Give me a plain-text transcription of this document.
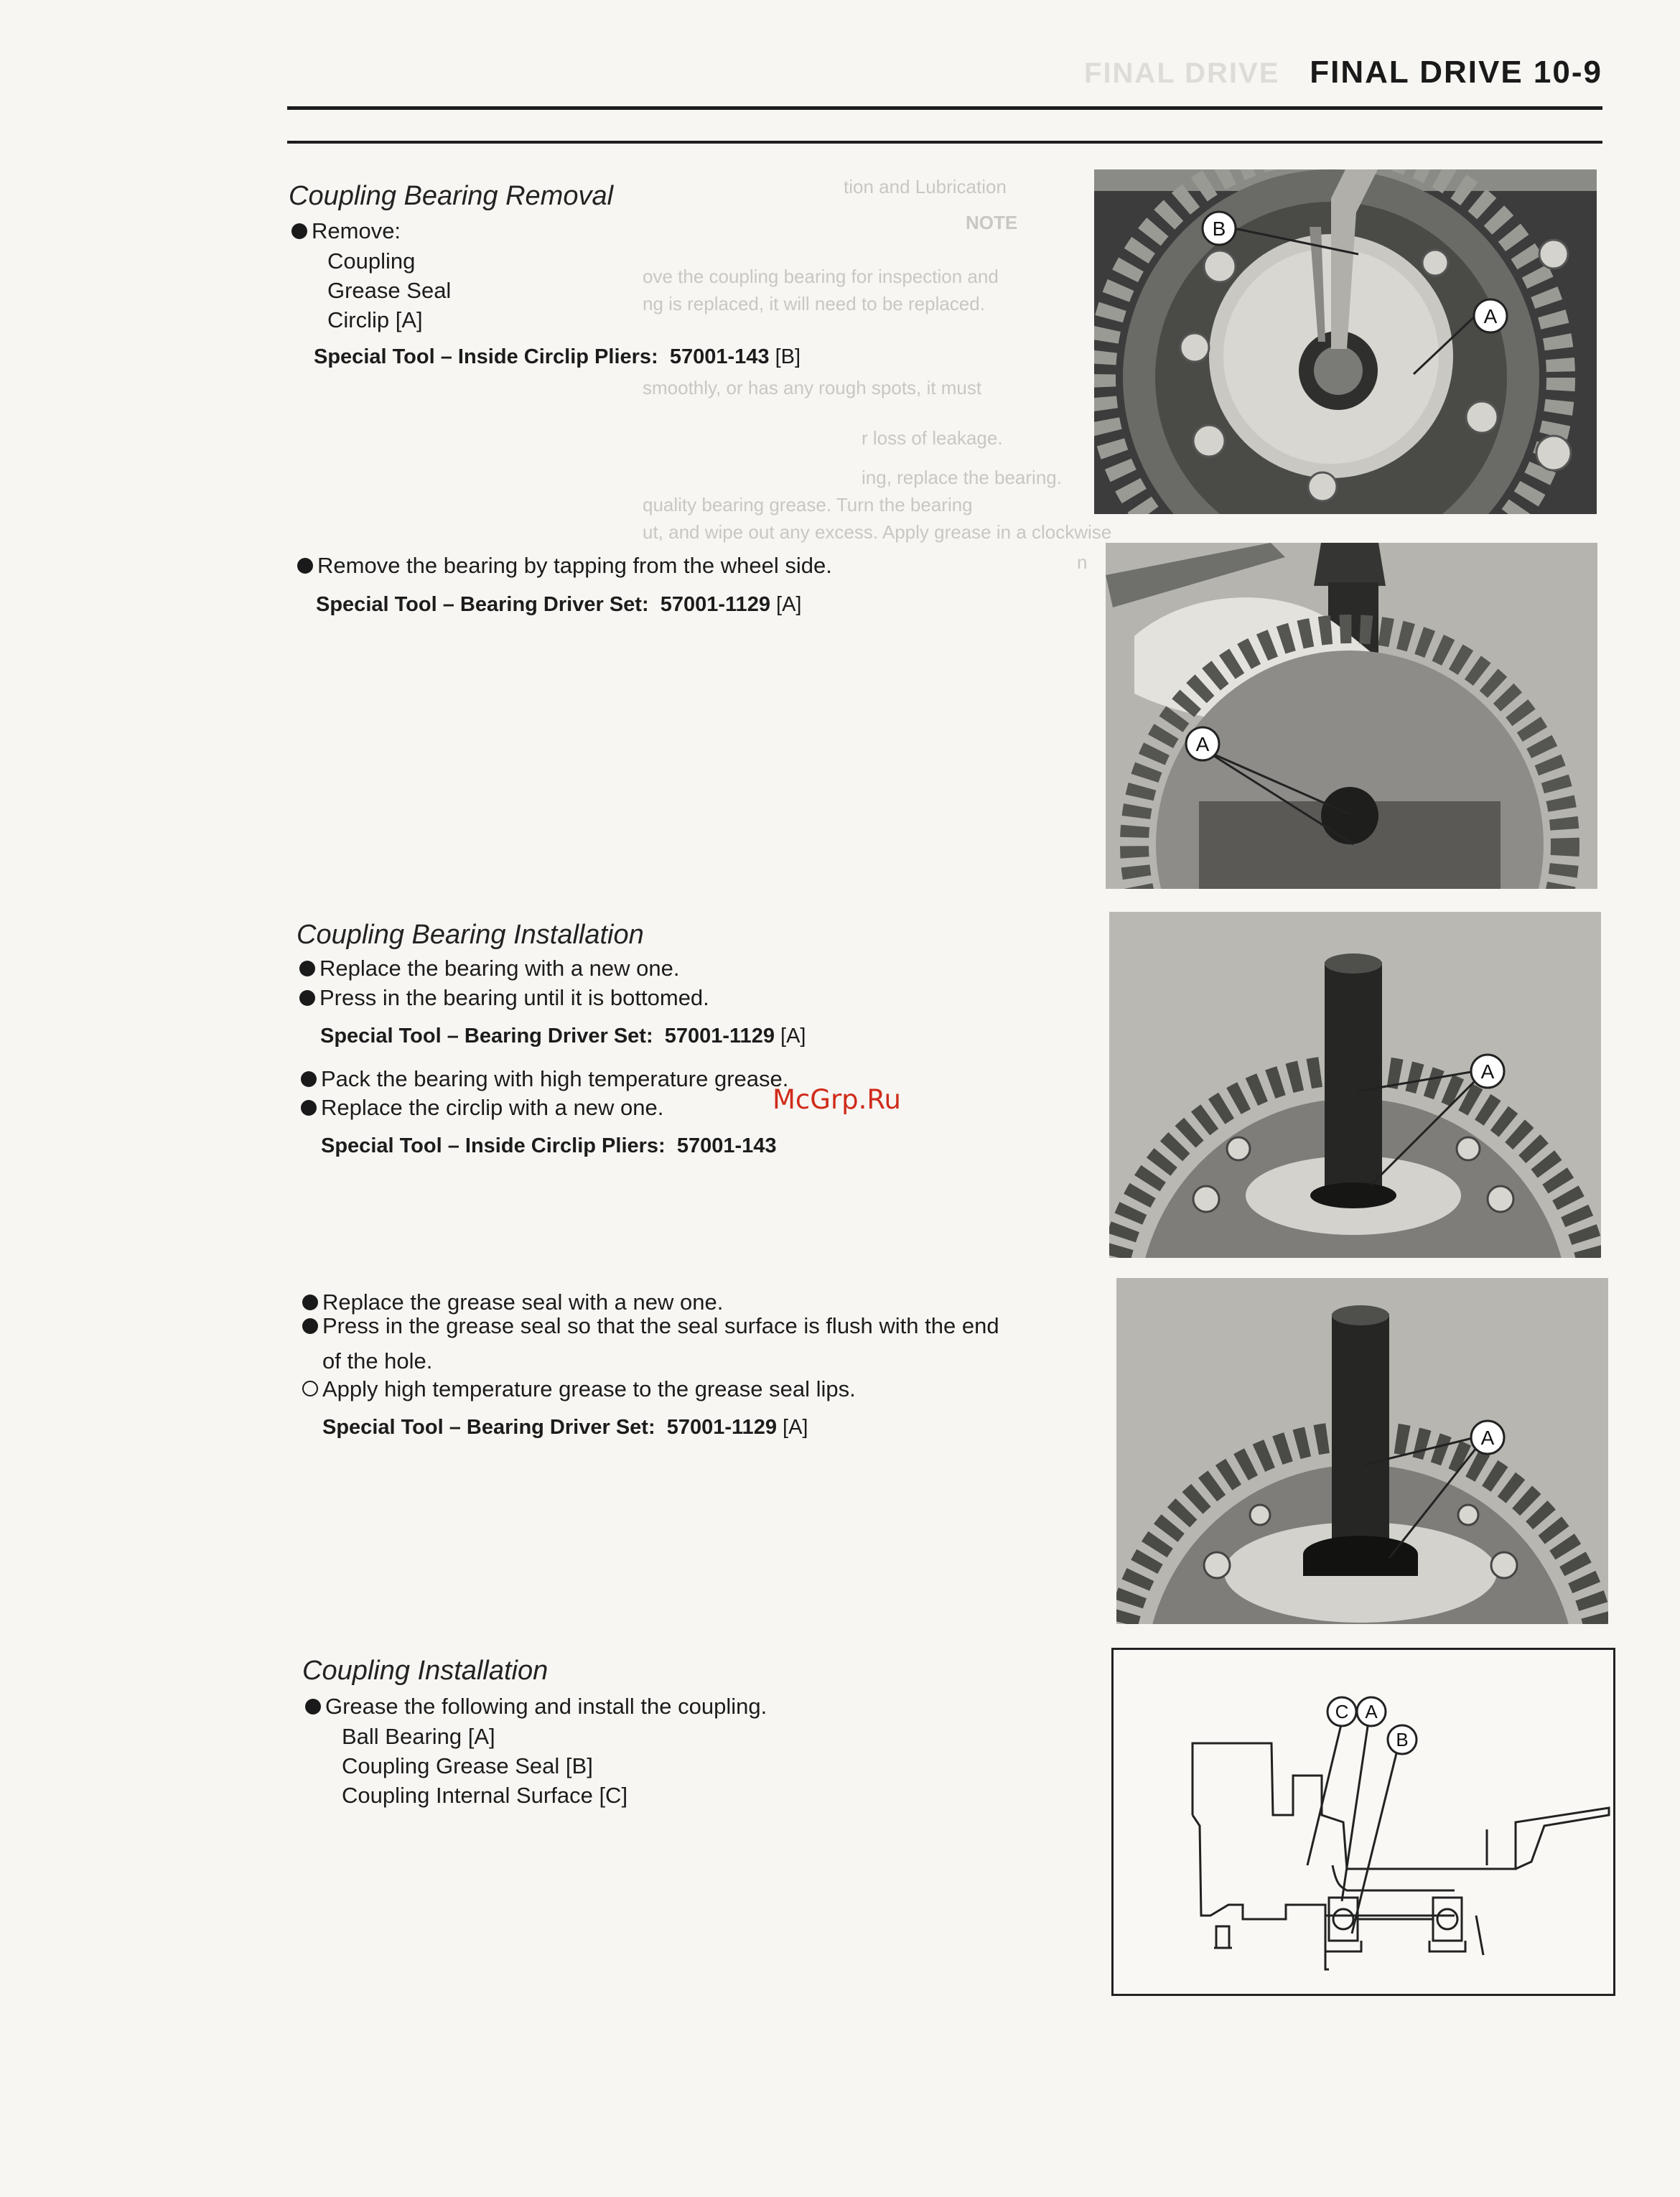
FINAL DRIVE FINAL DRIVE 10-9
tion and Lubrication
NOTE
ove the coupling bearing for inspection and
ng is replaced, it will need to be replaced.
smoothly, or has any rough spots, it must
r loss of leakage.
ing, replace the bearing.
quality bearing grease. Turn the bearing
ut, and wipe out any excess. Apply grease in a clockwise
n
Coupling Bearing Removal
Remove:
Coupling
Grease Seal
Circlip [A]
Special Tool – Inside Circlip Pliers: 57001-143 [B]
Remove the bearing by tapping from the wheel side.
Special Tool – Bearing Driver Set: 57001-1129 [A]
Coupling Bearing Installation
Replace the bearing with a new one.
Press in the bearing until it is bottomed.
Special Tool – Bearing Driver Set: 57001-1129 [A]
Pack the bearing with high temperature grease.
Replace the circlip with a new one.	McGrp.Ru
Special Tool – Inside Circlip Pliers: 57001-143
Replace the grease seal with a new one.
Press in the grease seal so that the seal surface is flush with the end
of the hole.
Apply high temperature grease to the grease seal lips.
Special Tool – Bearing Driver Set: 57001-1129 [A]
Coupling Installation
Grease the following and install the coupling.
Ball Bearing [A]
Coupling Grease Seal [B]
Coupling Internal Surface [C]
B
A
A
A
A
C A
B
